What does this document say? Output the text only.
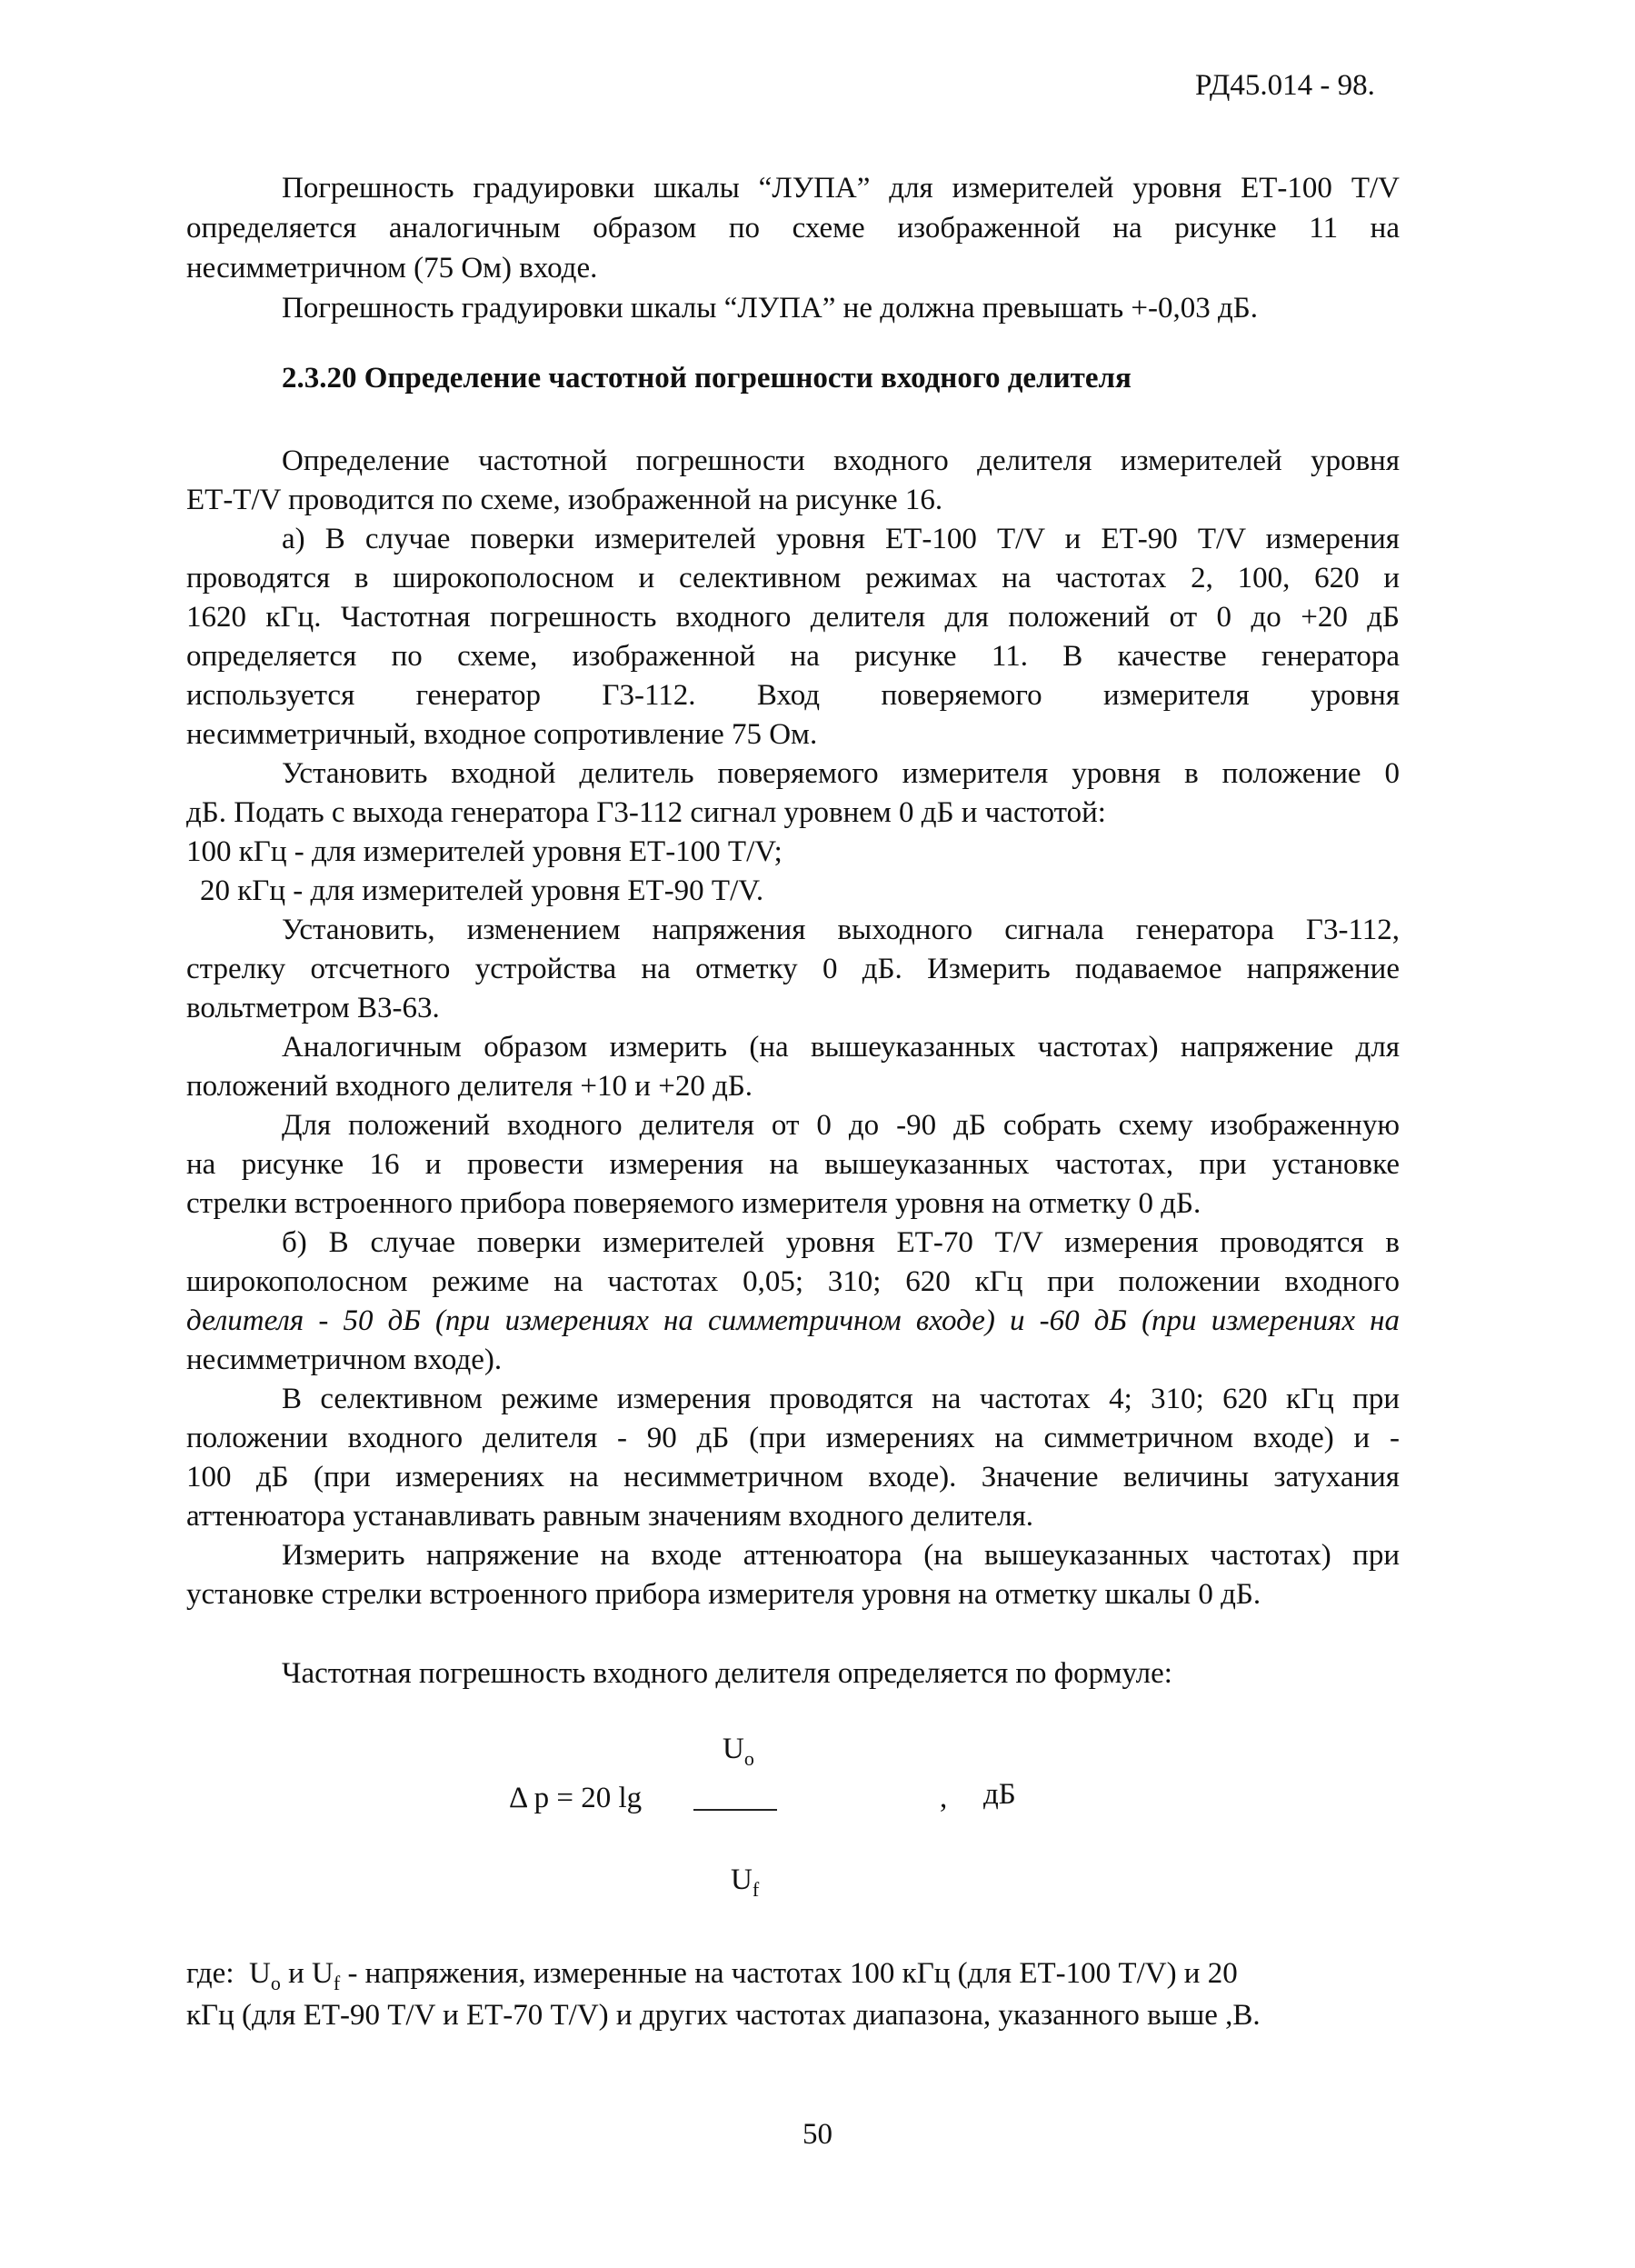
РД45.014 - 98.
Погрешность градуировки шкалы “ЛУПА” для измерителей уровня ЕТ-100 T/V
определяется аналогичным образом по схеме изображенной на рисунке 11 на
несимметричном (75 Ом) входе.
Погрешность градуировки шкалы “ЛУПА” не должна превышать +-0,03 дБ.
2.3.20 Определение частотной погрешности входного делителя
Определение частотной погрешности входного делителя измерителей уровня
ЕТ-T/V проводится по схеме, изображенной на рисунке 16.
а) В случае поверки измерителей уровня ЕТ-100 T/V и ЕТ-90 T/V измерения
проводятся в широкополосном и селективном режимах на частотах 2, 100, 620 и
1620 кГц. Частотная погрешность входного делителя для положений от 0 до +20 дБ
определяется по схеме, изображенной на рисунке 11. В качестве генератора
используется генератор Г3-112. Вход поверяемого измерителя уровня
несимметричный, входное сопротивление 75 Ом.
Установить входной делитель поверяемого измерителя уровня в положение 0
дБ. Подать с выхода генератора Г3-112 сигнал уровнем 0 дБ и частотой:
100 кГц - для измерителей уровня ЕТ-100 T/V;
20 кГц - для измерителей уровня ЕТ-90 T/V.
Установить, изменением напряжения выходного сигнала генератора Г3-112,
стрелку отсчетного устройства на отметку 0 дБ. Измерить подаваемое напряжение
вольтметром В3-63.
Аналогичным образом измерить (на вышеуказанных частотах) напряжение для
положений входного делителя +10 и +20 дБ.
Для положений входного делителя от 0 до -90 дБ собрать схему изображенную
на рисунке 16 и провести измерения на вышеуказанных частотах, при установке
стрелки встроенного прибора поверяемого измерителя уровня на отметку 0 дБ.
б) В случае поверки измерителей уровня ЕТ-70 T/V измерения проводятся в
широкополосном режиме на частотах 0,05; 310; 620 кГц при положении входного
делителя - 50 дБ (при измерениях на симметричном входе) и -60 дБ (при измерениях на
несимметричном входе).
В селективном режиме измерения проводятся на частотах 4; 310; 620 кГц при
положении входного делителя - 90 дБ (при измерениях на симметричном входе) и -
100 дБ (при измерениях на несимметричном входе). Значение величины затухания
аттенюатора устанавливать равным значениям входного делителя.
Измерить напряжение на входе аттенюатора (на вышеуказанных частотах) при
установке стрелки встроенного прибора измерителя уровня на отметку шкалы 0 дБ.
Частотная погрешность входного делителя определяется по формуле:
$U_o$
Δ p = 20 lg	, дБ
$U_f$
где: $U_o$ и $U_f$ - напряжения, измеренные на частотах 100 кГц (для ЕТ-100 T/V) и 20
кГц (для ЕТ-90 T/V и ЕТ-70 T/V) и других частотах диапазона, указанного выше ,В.
50
